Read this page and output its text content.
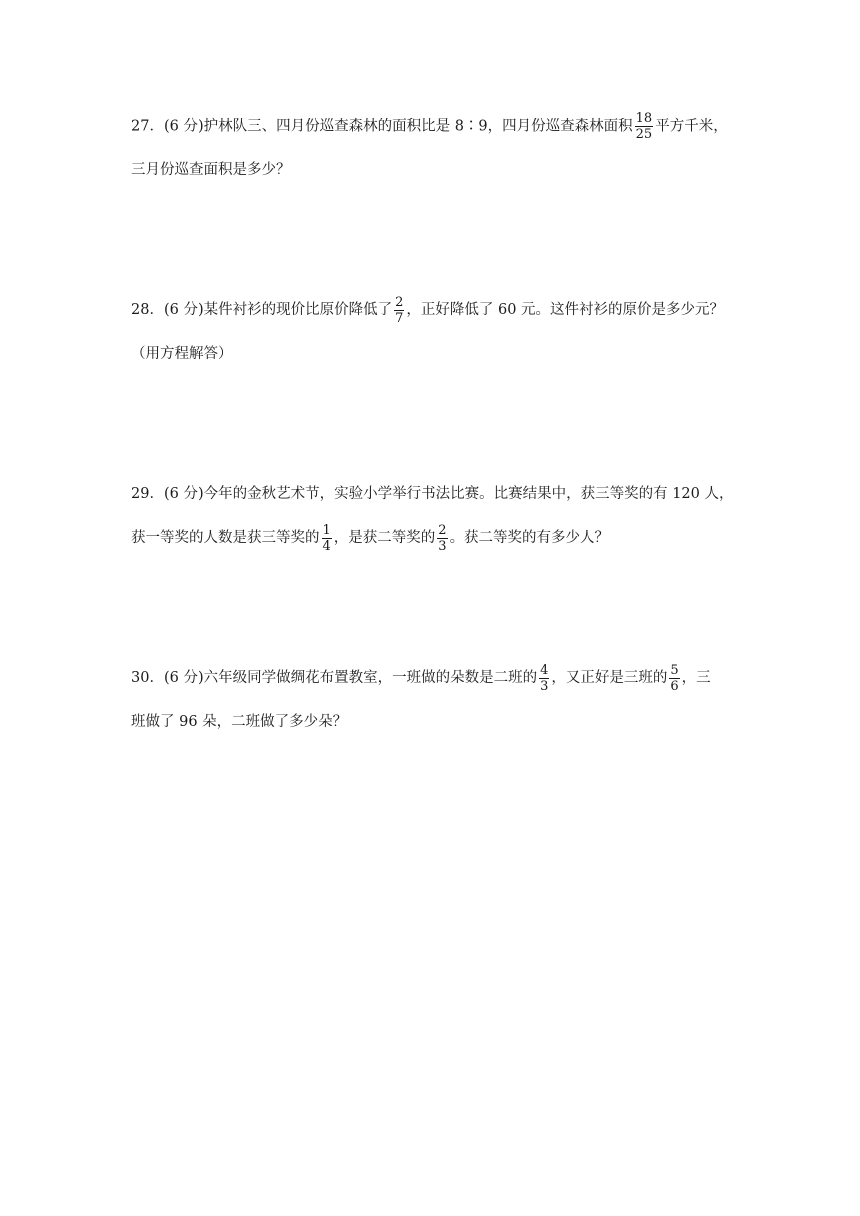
27．(6 分)护林队三、四月份巡查森林的面积比是 8∶9，四月份巡查森林面积 $\frac{18}{25}$ 平方千米，
三月份巡查面积是多少？
28．(6 分)某件衬衫的现价比原价降低了 $\frac{2}{7}$ ，正好降低了 60 元。这件衬衫的原价是多少元？
（用方程解答）
29．(6 分)今年的金秋艺术节，实验小学举行书法比赛。比赛结果中，获三等奖的有 120 人，
获一等奖的人数是获三等奖的 $\frac{1}{4}$ ，是获二等奖的 $\frac{2}{3}$ 。获二等奖的有多少人？
30．(6 分)六年级同学做绸花布置教室，一班做的朵数是二班的 $\frac{4}{3}$ ，又正好是三班的 $\frac{5}{6}$ ，三
班做了 96 朵，二班做了多少朵？
